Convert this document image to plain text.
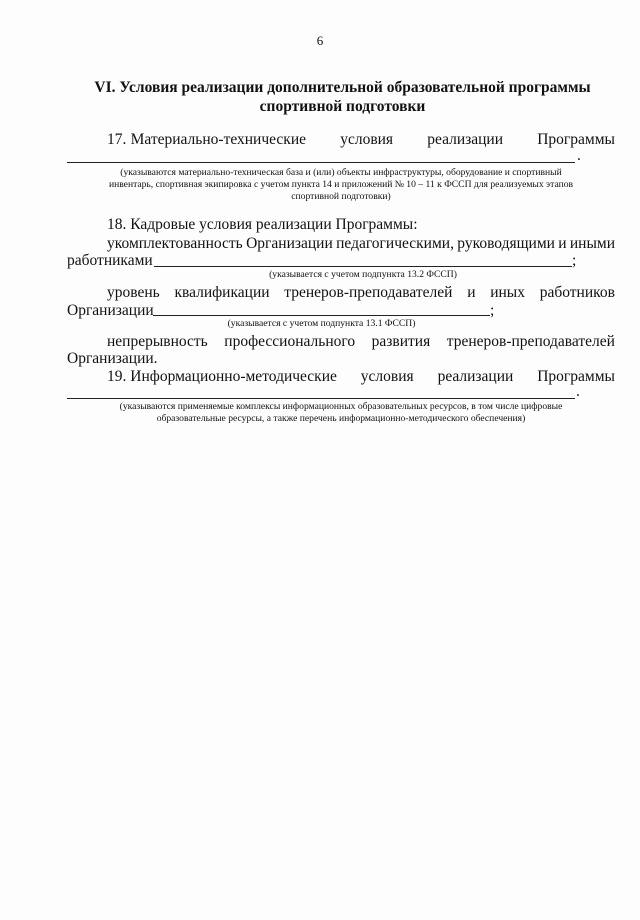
6
VI. Условия реализации дополнительной образовательной программы
спортивной подготовки
17. Материально-технические условия реализации Программы
.
(указываются материально-техническая база и (или) объекты инфраструктуры, оборудование и спортивный
инвентарь, спортивная экипировка с учетом пункта 14 и приложений № 10 – 11 к ФССП для реализуемых этапов
спортивной подготовки)
18. Кадровые условия реализации Программы:
укомплектованность Организации педагогическими, руководящими и иными
работниками	;
(указывается с учетом подпункта 13.2 ФССП)
уровень квалификации тренеров-преподавателей и иных работников
Организации	;
(указывается с учетом подпункта 13.1 ФССП)
непрерывность профессионального развития тренеров-преподавателей
Организации.
19. Информационно-методические условия реализации Программы
.
(указываются применяемые комплексы информационных образовательных ресурсов, в том числе цифровые
образовательные ресурсы, а также перечень информационно-методического обеспечения)
